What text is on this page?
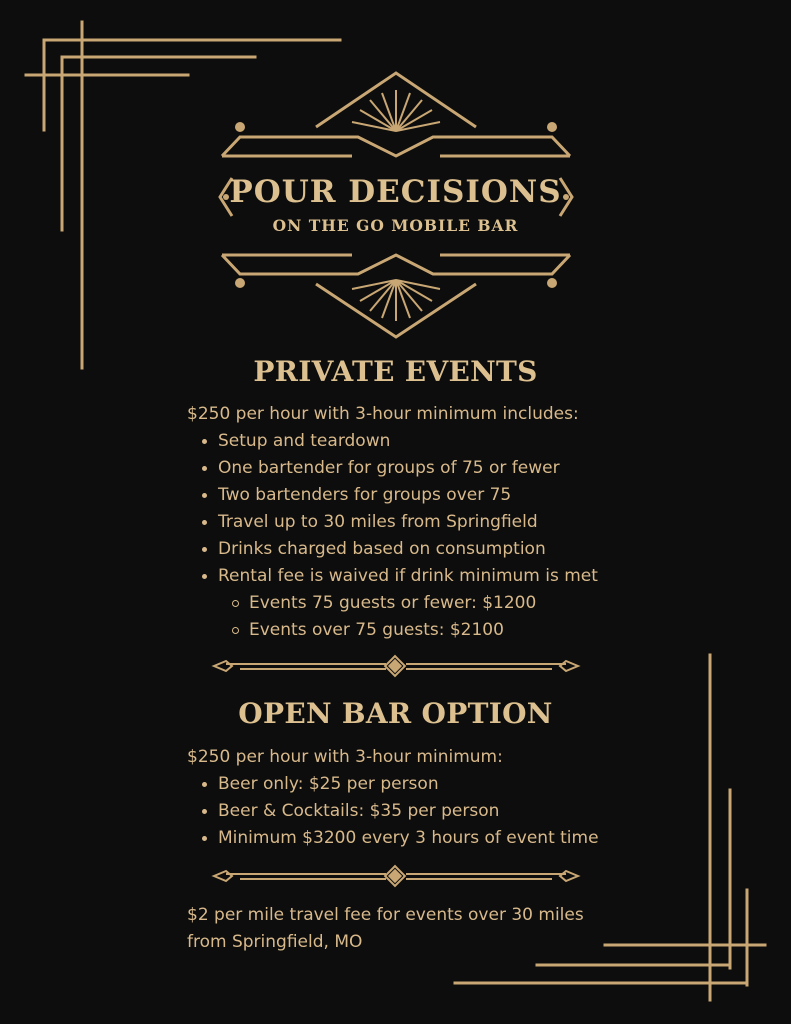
POUR DECISIONS
ON THE GO MOBILE BAR
PRIVATE EVENTS
$250 per hour with 3-hour minimum includes:
Setup and teardown
One bartender for groups of 75 or fewer
Two bartenders for groups over 75
Travel up to 30 miles from Springfield
Drinks charged based on consumption
Rental fee is waived if drink minimum is met
Events 75 guests or fewer: $1200
Events over 75 guests: $2100
OPEN BAR OPTION
$250 per hour with 3-hour minimum:
Beer only: $25 per person
Beer & Cocktails: $35 per person
Minimum $3200 every 3 hours of event time
$2 per mile travel fee for events over 30 miles
from Springfield, MO
